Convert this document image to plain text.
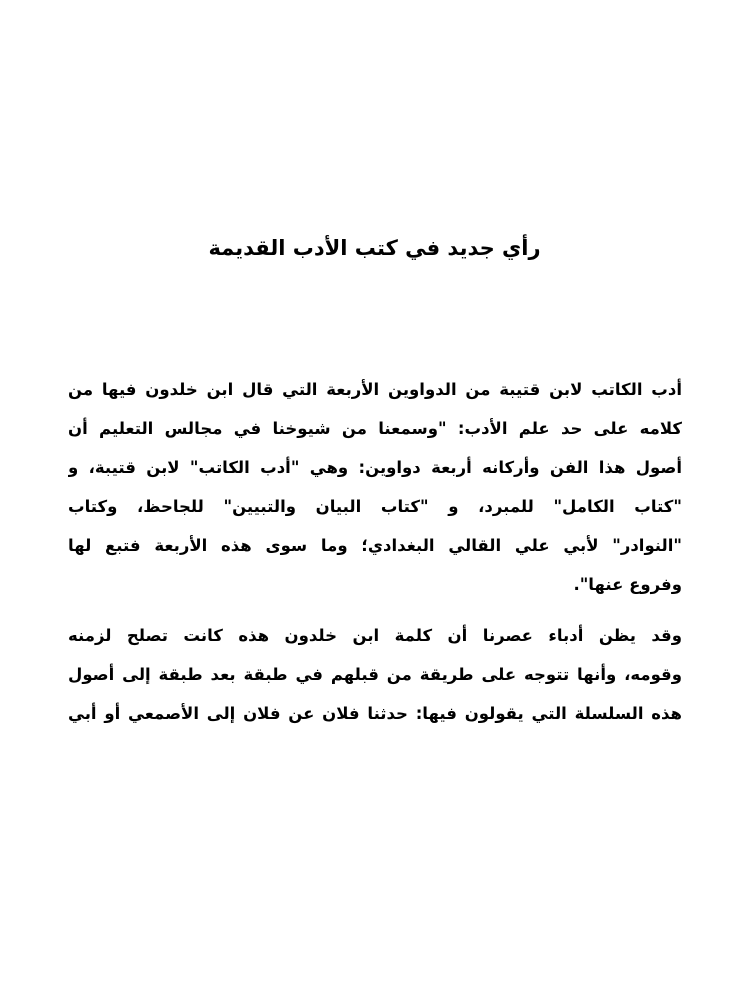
رأي جديد في كتب الأدب القديمة

أدب الكاتب لابن قتيبة من الدواوين الأربعة التي قال ابن خلدون فيها من
كلامه على حد علم الأدب: "وسمعنا من شيوخنا في مجالس التعليم أن
أصول هذا الفن وأركانه أربعة دواوين: وهي "أدب الكاتب" لابن قتيبة، و
"كتاب الكامل" للمبرد، و "كتاب البيان والتبيين" للجاحظ، وكتاب
"النوادر" لأبي علي القالي البغدادي؛ وما سوى هذه الأربعة فتبع لها
وفروع عنها".

وقد يظن أدباء عصرنا أن كلمة ابن خلدون هذه كانت تصلح لزمنه
وقومه، وأنها تتوجه على طريقة من قبلهم في طبقة بعد طبقة إلى أصول
هذه السلسلة التي يقولون فيها: حدثنا فلان عن فلان إلى الأصمعي أو أبي
